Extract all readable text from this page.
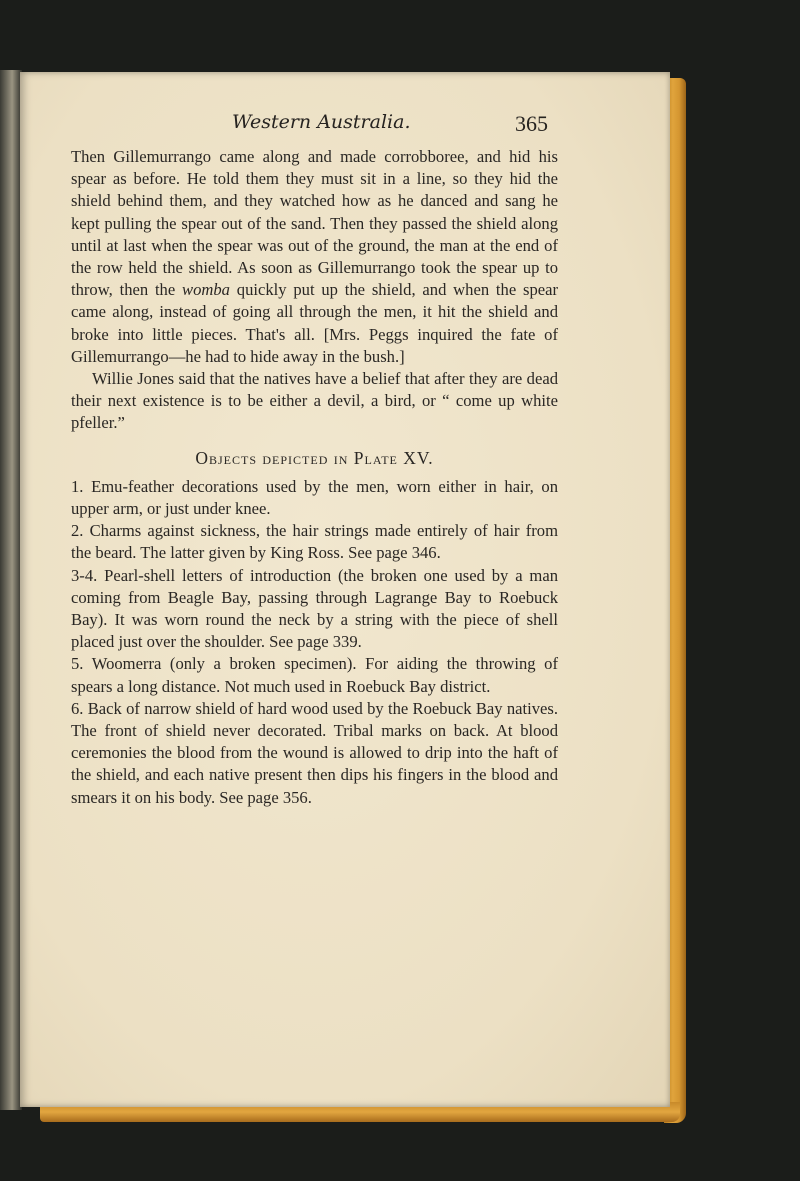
Western Australia.	365

Then Gillemurrango came along and made corrobboree, and hid his spear as before. He told them they must sit in a line, so they hid the shield behind them, and they watched how as he danced and sang he kept pulling the spear out of the sand. Then they passed the shield along until at last when the spear was out of the ground, the man at the end of the row held the shield. As soon as Gillemurrango took the spear up to throw, then the womba quickly put up the shield, and when the spear came along, instead of going all through the men, it hit the shield and broke into little pieces. That's all. [Mrs. Peggs inquired the fate of Gillemurrango—he had to hide away in the bush.]

Willie Jones said that the natives have a belief that after they are dead their next existence is to be either a devil, a bird, or “ come up white pfeller.”

Objects depicted in Plate XV.

1. Emu-feather decorations used by the men, worn either in hair, on upper arm, or just under knee.

2. Charms against sickness, the hair strings made entirely of hair from the beard. The latter given by King Ross. See page 346.

3-4. Pearl-shell letters of introduction (the broken one used by a man coming from Beagle Bay, passing through Lagrange Bay to Roebuck Bay). It was worn round the neck by a string with the piece of shell placed just over the shoulder. See page 339.

5. Woomerra (only a broken specimen). For aiding the throwing of spears a long distance. Not much used in Roebuck Bay district.

6. Back of narrow shield of hard wood used by the Roebuck Bay natives. The front of shield never decorated. Tribal marks on back. At blood ceremonies the blood from the wound is allowed to drip into the haft of the shield, and each native present then dips his fingers in the blood and smears it on his body. See page 356.
